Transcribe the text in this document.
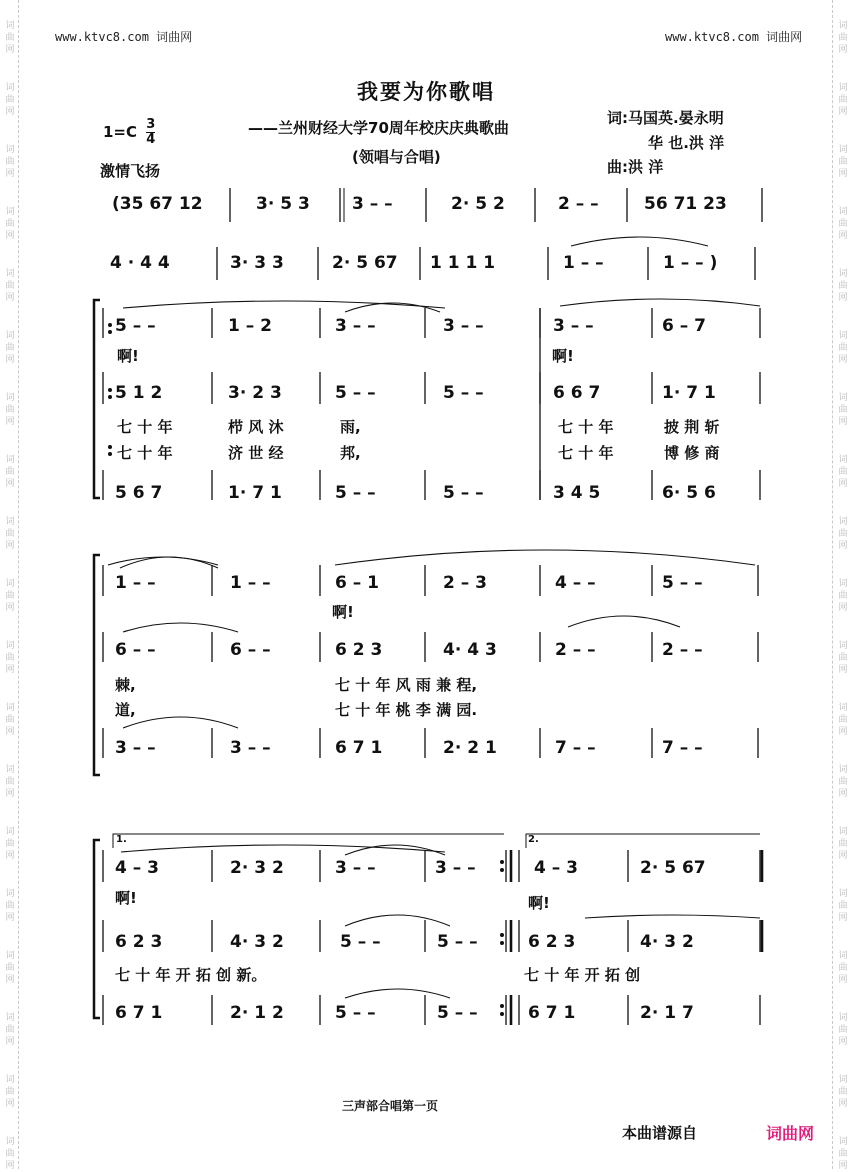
词
曲
网
词
曲
网
词
曲
网
词
曲
网
词
曲
网
词
曲
网
词
曲
网
词
曲
网
词
曲
网
词
曲
网
词
曲
网
词
曲
网
词
曲
网
词
曲
网
词
曲
网
词
曲
网
词
曲
网
词
曲
网
词
曲
网
词
曲
网
词
曲
网
词
曲
网
词
曲
网
词
曲
网
词
曲
网
词
曲
网
词
曲
网
词
曲
网
词
曲
网
词
曲
网
词
曲
网
词
曲
网
词
曲
网
词
曲
网
词
曲
网
词
曲
网
词
曲
网
词
曲
网
www.ktvc8.com 词曲网	www.ktvc8.com 词曲网
我要为你歌唱
——兰州财经大学70周年校庆庆典歌曲
(领唱与合唱)
词:马国英.晏永明
华 也.洪 洋
曲:洪 洋
$1=C \frac{3}{4}$
激情飞扬
(35 67 12	3· 5 3 3 – –	2· 5 2	2 – –	56 71 23
4 · 4 4	3· 3 3	2· 5 67 1 1 1 1	1 – –	1 – – )
5 – –	1 – 2	3 – –	3 – –	3 – –	6 – 7
啊!	啊!
5 1 2	3· 2 3	5 – –	5 – –	6 6 7	1· 7 1
七 十 年	栉 风 沐	雨,	七 十 年	披 荆 斩
七 十 年	济 世 经	邦,	七 十 年	博 修 商
5 6 7	1· 7 1	5 – –	5 – –	3 4 5	6· 5 6
1 – –	1 – –	6 – 1	2 – 3	4 – –	5 – –
啊!
6 – –	6 – –	6 2 3	4· 4 3	2 – –	2 – –
棘,	七 十 年 风 雨 兼 程,
道,	七 十 年 桃 李 满 园.
3 – –	3 – –	6 7 1	2· 2 1	7 – –	7 – –
1.	2.
4 – 3	2· 3 2	3 – –	3 – –	4 – 3	2· 5 67
啊!	啊!
6 2 3	4· 3 2	5 – –	5 – –	6 2 3	4· 3 2
七 十 年 开 拓 创 新。	七 十 年 开 拓 创
6 7 1	2· 1 2	5 – –	5 – –	6 7 1	2· 1 7
三声部合唱第一页
本曲谱源自	词曲网
